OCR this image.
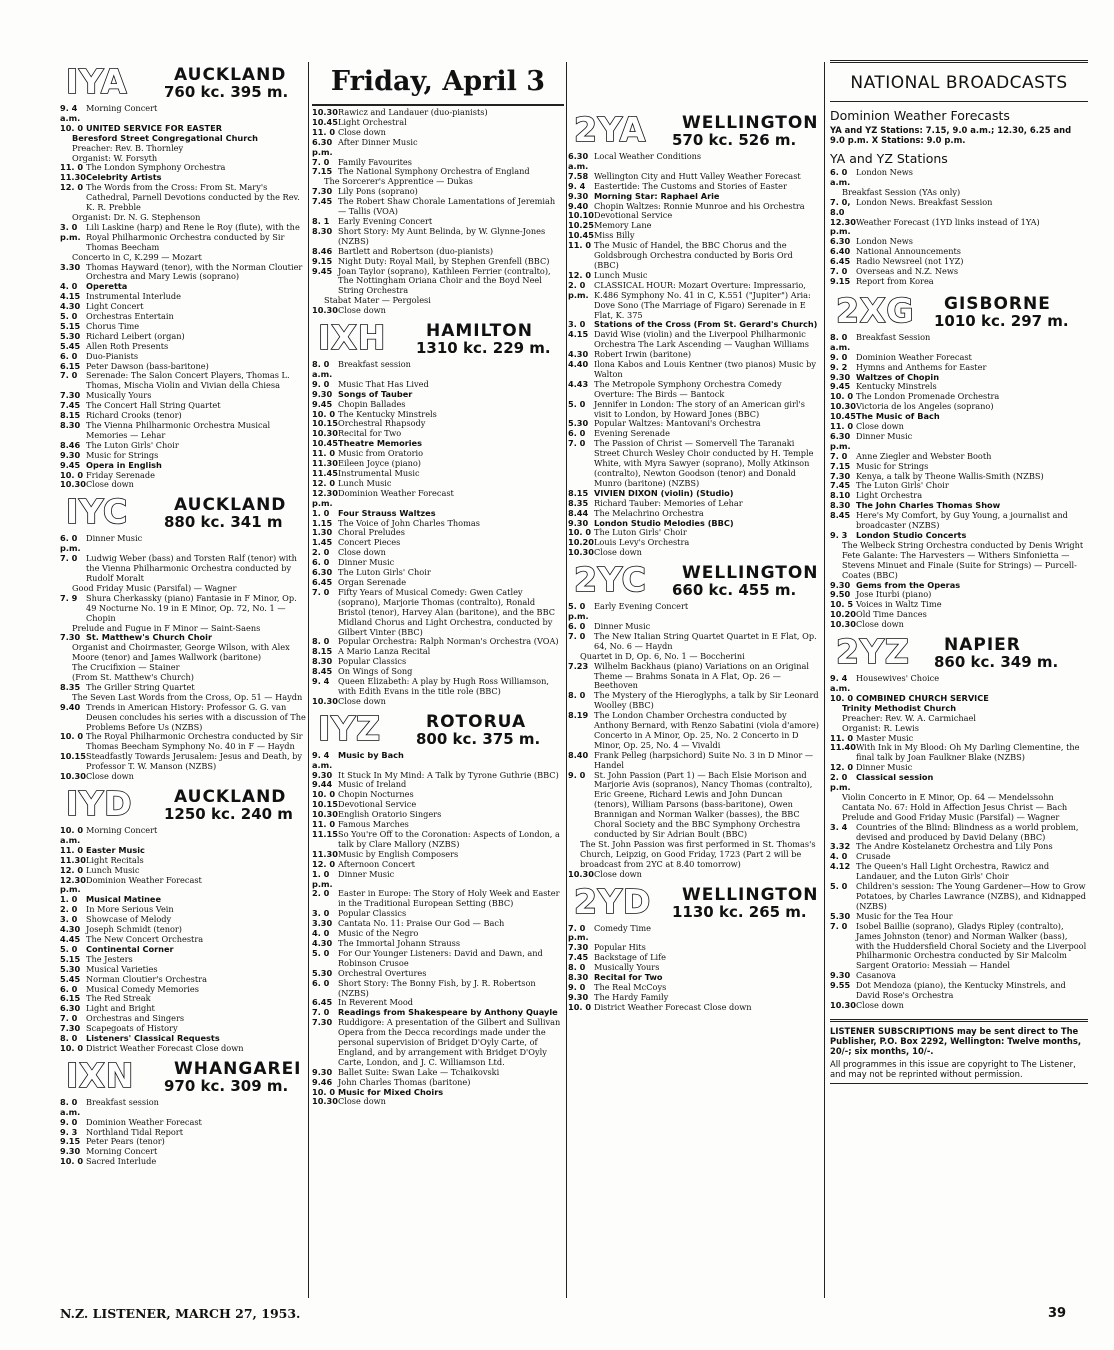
Friday, April 3
IYA	AUCKLAND
760 kc. 395 m.
9. 4 a.m.
Morning Concert
10. 0 UNITED SERVICE FOR EASTER
Beresford Street Congregational Church
Preacher: Rev. B. Thornley
Organist: W. Forsyth
11. 0 The London Symphony Orchestra
11.30 Celebrity Artists
12. 0 The Words from the Cross: From St. Mary's Cathedral, Parnell Devotions conducted by the Rev. K. R. Prebble
Organist: Dr. N. G. Stephenson
3. 0 p.m.
Lili Laskine (harp) and Rene le Roy (flute), with the Royal Philharmonic Orchestra conducted by Sir Thomas Beecham
Concerto in C, K.299 — Mozart
3.30 Thomas Hayward (tenor), with the Norman Cloutier Orchestra and Mary Lewis (soprano)
4. 0	Operetta
4.15 Instrumental Interlude
4.30 Light Concert
5. 0	Orchestras Entertain
5.15 Chorus Time
5.30 Richard Leibert (organ)
5.45 Allen Roth Presents
6. 0	Duo-Pianists
6.15 Peter Dawson (bass-baritone)
7. 0	Serenade: The Salon Concert Players, Thomas L. Thomas, Mischa Violin and Vivian della Chiesa
7.30 Musically Yours
7.45 The Concert Hall String Quartet
8.15 Richard Crooks (tenor)
8.30 The Vienna Philharmonic Orchestra Musical Memories — Lehar
8.46 The Luton Girls' Choir
9.30 Music for Strings
9.45 Opera in English
10. 0 Friday Serenade
10.30 Close down
IYC	AUCKLAND
880 kc. 341 m
6. 0 p.m.
Dinner Music
7. 0	Ludwig Weber (bass) and Torsten Ralf (tenor) with the Vienna Philharmonic Orchestra conducted by Rudolf Moralt
Good Friday Music (Parsifal) — Wagner
7. 9	Shura Cherkassky (piano) Fantasie in F Minor, Op. 49 Nocturne No. 19 in E Minor, Op. 72, No. 1 — Chopin
Prelude and Fugue in F Minor — Saint-Saens
7.30 St. Matthew's Church Choir
Organist and Choirmaster, George Wilson, with Alex Moore (tenor) and James Wallwork (baritone)
The Crucifixion — Stainer
(From St. Matthew's Church)
8.35 The Griller String Quartet
The Seven Last Words from the Cross, Op. 51 — Haydn
9.40 Trends in American History: Professor G. G. van Deusen concludes his series with a discussion of The Problems Before Us (NZBS)
10. 0 The Royal Philharmonic Orchestra conducted by Sir Thomas Beecham Symphony No. 40 in F — Haydn
10.15 Steadfastly Towards Jerusalem: Jesus and Death, by Professor T. W. Manson (NZBS)
10.30 Close down
IYD AUCKLAND
1250 kc. 240 m
10. 0 a.m.
Morning Concert
11. 0 Easter Music
11.30 Light Recitals
12. 0 Lunch Music
12.30 p.m.
Dominion Weather Forecast
1. 0	Musical Matinee
2. 0	In More Serious Vein
3. 0	Showcase of Melody
4.30 Joseph Schmidt (tenor)
4.45 The New Concert Orchestra
5. 0	Continental Corner
5.15 The Jesters
5.30 Musical Varieties
5.45 Norman Cloutier's Orchestra
6. 0	Musical Comedy Memories
6.15 The Red Streak
6.30 Light and Bright
7. 0	Orchestras and Singers
7.30 Scapegoats of History
8. 0	Listeners' Classical Requests
10. 0 District Weather Forecast Close down
IXN WHANGAREI
970 kc. 309 m.
8. 0 a.m.
Breakfast session
9. 0	Dominion Weather Forecast
9. 3	Northland Tidal Report
9.15 Peter Pears (tenor)
9.30 Morning Concert
10. 0 Sacred Interlude
10.30 Rawicz and Landauer (duo-pianists)
10.45 Light Orchestral
11. 0 Close down
6.30 p.m.
After Dinner Music
7. 0	Family Favourites
7.15 The National Symphony Orchestra of England
The Sorcerer's Apprentice — Dukas
7.30 Lily Pons (soprano)
7.45 The Robert Shaw Chorale Lamentations of Jeremiah — Tallis (VOA)
8. 1	Early Evening Concert
8.30 Short Story: My Aunt Belinda, by W. Glynne-Jones (NZBS)
8.46 Bartlett and Robertson (duo-pianists)
9.15 Night Duty: Royal Mail, by Stephen Grenfell (BBC)
9.45 Joan Taylor (soprano), Kathleen Ferrier (contralto), The Nottingham Oriana Choir and the Boyd Neel String Orchestra
Stabat Mater — Pergolesi
10.30 Close down
IXH HAMILTON
1310 kc. 229 m.
8. 0 a.m.
Breakfast session
9. 0	Music That Has Lived
9.30 Songs of Tauber
9.45 Chopin Ballades
10. 0 The Kentucky Minstrels
10.15 Orchestral Rhapsody
10.30 Recital for Two
10.45 Theatre Memories
11. 0 Music from Oratorio
11.30 Eileen Joyce (piano)
11.45 Instrumental Music
12. 0 Lunch Music
12.30 p.m.
Dominion Weather Forecast
1. 0	Four Strauss Waltzes
1.15 The Voice of John Charles Thomas
1.30 Choral Preludes
1.45 Concert Pieces
2. 0	Close down
6. 0	Dinner Music
6.30 The Luton Girls' Choir
6.45 Organ Serenade
7. 0	Fifty Years of Musical Comedy: Gwen Catley (soprano), Marjorie Thomas (contralto), Ronald Bristol (tenor), Harvey Alan (baritone), and the BBC Midland Chorus and Light Orchestra, conducted by Gilbert Vinter (BBC)
8. 0	Popular Orchestra: Ralph Norman's Orchestra (VOA)
8.15 A Mario Lanza Recital
8.30 Popular Classics
8.45 On Wings of Song
9. 4	Queen Elizabeth: A play by Hugh Ross Williamson, with Edith Evans in the title role (BBC)
10.30 Close down
IYZ	ROTORUA
800 kc. 375 m.
9. 4 a.m.
Music by Bach
9.30 It Stuck In My Mind: A Talk by Tyrone Guthrie (BBC)
9.44 Music of Ireland
10. 0 Chopin Nocturnes
10.15 Devotional Service
10.30 English Oratorio Singers
11. 0 Famous Marches
11.15 So You're Off to the Coronation: Aspects of London, a talk by Clare Mallory (NZBS)
11.30 Music by English Composers
12. 0 Afternoon Concert
1. 0 p.m.
Dinner Music
2. 0	Easter in Europe: The Story of Holy Week and Easter in the Traditional European Setting (BBC)
3. 0	Popular Classics
3.30 Cantata No. 11: Praise Our God — Bach
4. 0	Music of the Negro
4.30 The Immortal Johann Strauss
5. 0	For Our Younger Listeners: David and Dawn, and Robinson Crusoe
5.30 Orchestral Overtures
6. 0	Short Story: The Bonny Fish, by J. R. Robertson (NZBS)
6.45 In Reverent Mood
7. 0	Readings from Shakespeare by Anthony Quayle
7.30 Ruddigore: A presentation of the Gilbert and Sullivan Opera from the Decca recordings made under the personal supervision of Bridget D'Oyly Carte, of England, and by arrangement with Bridget D'Oyly Carte, London, and J. C. Williamson Ltd.
9.30 Ballet Suite: Swan Lake — Tchaikovski
9.46 John Charles Thomas (baritone)
10. 0 Music for Mixed Choirs
10.30 Close down
2YA WELLINGTON
570 kc. 526 m.
6.30 a.m.
Local Weather Conditions
7.58 Wellington City and Hutt Valley Weather Forecast
9. 4	Eastertide: The Customs and Stories of Easter
9.30 Morning Star: Raphael Arie
9.40 Chopin Waltzes: Ronnie Munroe and his Orchestra
10.10 Devotional Service
10.25 Memory Lane
10.45 Miss Billy
11. 0 The Music of Handel, the BBC Chorus and the Goldsbrough Orchestra conducted by Boris Ord (BBC)
12. 0 Lunch Music
2. 0 p.m.
CLASSICAL HOUR: Mozart Overture: Impressario, K.486 Symphony No. 41 in C, K.551 ("Jupiter") Aria: Dove Sono (The Marriage of Figaro) Serenade in E Flat, K. 375
3. 0	Stations of the Cross (From St. Gerard's Church)
4.15 David Wise (violin) and the Liverpool Philharmonic Orchestra The Lark Ascending — Vaughan Williams
4.30 Robert Irwin (baritone)
4.40 Ilona Kabos and Louis Kentner (two pianos) Music by Walton
4.43 The Metropole Symphony Orchestra Comedy Overture: The Birds — Bantock
5. 0	Jennifer in London: The story of an American girl's visit to London, by Howard Jones (BBC)
5.30 Popular Waltzes: Mantovani's Orchestra
6. 0	Evening Serenade
7. 0	The Passion of Christ — Somervell The Taranaki Street Church Wesley Choir conducted by H. Temple White, with Myra Sawyer (soprano), Molly Atkinson (contralto), Newton Goodson (tenor) and Donald Munro (baritone) (NZBS)
8.15 VIVIEN DIXON (violin) (Studio)
8.35 Richard Tauber: Memories of Lehar
8.44 The Melachrino Orchestra
9.30 London Studio Melodies (BBC)
10. 0 The Luton Girls' Choir
10.20 Louis Levy's Orchestra
10.30 Close down
2YC WELLINGTON
660 kc. 455 m.
5. 0 p.m.
Early Evening Concert
6. 0	Dinner Music
7. 0	The New Italian String Quartet Quartet in E Flat, Op. 64, No. 6 — Haydn
Quartet in D, Op. 6, No. 1 — Boccherini
7.23 Wilhelm Backhaus (piano) Variations on an Original Theme — Brahms Sonata in A Flat, Op. 26 — Beethoven
8. 0	The Mystery of the Hieroglyphs, a talk by Sir Leonard Woolley (BBC)
8.19 The London Chamber Orchestra conducted by Anthony Bernard, with Renzo Sabatini (viola d'amore) Concerto in A Minor, Op. 25, No. 2 Concerto in D Minor, Op. 25, No. 4 — Vivaldi
8.40 Frank Pelleg (harpsichord) Suite No. 3 in D Minor — Handel
9. 0	St. John Passion (Part 1) — Bach Elsie Morison and Marjorie Avis (sopranos), Nancy Thomas (contralto), Eric Greene, Richard Lewis and John Duncan (tenors), William Parsons (bass-baritone), Owen Brannigan and Norman Walker (basses), the BBC Choral Society and the BBC Symphony Orchestra conducted by Sir Adrian Boult (BBC)
The St. John Passion was first performed in St. Thomas's Church, Leipzig, on Good Friday, 1723 (Part 2 will be broadcast from 2YC at 8.40 tomorrow)
10.30 Close down
2YD WELLINGTON
1130 kc. 265 m.
7. 0 p.m.
Comedy Time
7.30 Popular Hits
7.45 Backstage of Life
8. 0	Musically Yours
8.30 Recital for Two
9. 0	The Real McCoys
9.30 The Hardy Family
10. 0 District Weather Forecast Close down
NATIONAL BROADCASTS
Dominion Weather Forecasts
YA and YZ Stations: 7.15, 9.0 a.m.; 12.30, 6.25 and 9.0 p.m. X Stations: 9.0 p.m.
YA and YZ Stations
6. 0 a.m.
London News
Breakfast Session (YAs only)
7. 0, 8.0
London News. Breakfast Session
12.30 p.m.
Weather Forecast (1YD links instead of 1YA)
6.30 London News
6.40 National Announcements
6.45 Radio Newsreel (not 1YZ)
7. 0	Overseas and N.Z. News
9.15 Report from Korea
2XG GISBORNE
1010 kc. 297 m.
8. 0 a.m.
Breakfast Session
9. 0	Dominion Weather Forecast
9. 2	Hymns and Anthems for Easter
9.30 Waltzes of Chopin
9.45 Kentucky Minstrels
10. 0 The London Promenade Orchestra
10.30 Victoria de los Angeles (soprano)
10.45 The Music of Bach
11. 0 Close down
6.30 p.m.
Dinner Music
7. 0	Anne Ziegler and Webster Booth
7.15 Music for Strings
7.30 Kenya, a talk by Theone Wallis-Smith (NZBS)
7.45 The Luton Girls' Choir
8.10 Light Orchestra
8.30 The John Charles Thomas Show
8.45 Here's My Comfort, by Guy Young, a journalist and broadcaster (NZBS)
9. 3	London Studio Concerts
The Welbeck String Orchestra conducted by Denis Wright Fete Galante: The Harvesters — Withers Sinfonietta — Stevens Minuet and Finale (Suite for Strings) — Purcell-Coates (BBC)
9.30 Gems from the Operas
9.50 Jose Iturbi (piano)
10. 5 Voices in Waltz Time
10.20 Old Time Dances
10.30 Close down
2YZ NAPIER
860 kc. 349 m.
9. 4 a.m.
Housewives' Choice
10. 0 COMBINED CHURCH SERVICE
Trinity Methodist Church
Preacher: Rev. W. A. Carmichael
Organist: R. Lewis
11. 0 Master Music
11.40 With Ink in My Blood: Oh My Darling Clementine, the final talk by Joan Faulkner Blake (NZBS)
12. 0 Dinner Music
2. 0 p.m.
Classical session
Violin Concerto in E Minor, Op. 64 — Mendelssohn Cantata No. 67: Hold in Affection Jesus Christ — Bach Prelude and Good Friday Music (Parsifal) — Wagner
3. 4	Countries of the Blind: Blindness as a world problem, devised and produced by David Delany (BBC)
3.32 The Andre Kostelanetz Orchestra and Lily Pons
4. 0	Crusade
4.12 The Queen's Hall Light Orchestra, Rawicz and Landauer, and the Luton Girls' Choir
5. 0	Children's session: The Young Gardener—How to Grow Potatoes, by Charles Lawrance (NZBS), and Kidnapped (NZBS)
5.30 Music for the Tea Hour
7. 0	Isobel Baillie (soprano), Gladys Ripley (contralto), James Johnston (tenor) and Norman Walker (bass), with the Huddersfield Choral Society and the Liverpool Philharmonic Orchestra conducted by Sir Malcolm Sargent Oratorio: Messiah — Handel
9.30 Casanova
9.55 Dot Mendoza (piano), the Kentucky Minstrels, and David Rose's Orchestra
10.30 Close down
LISTENER SUBSCRIPTIONS may be sent direct to The Publisher, P.O. Box 2292, Wellington: Twelve months, 20/-; six months, 10/-.
All programmes in this issue are copyright to The Listener, and may not be reprinted without permission.
N.Z. LISTENER, MARCH 27, 1953.	39
